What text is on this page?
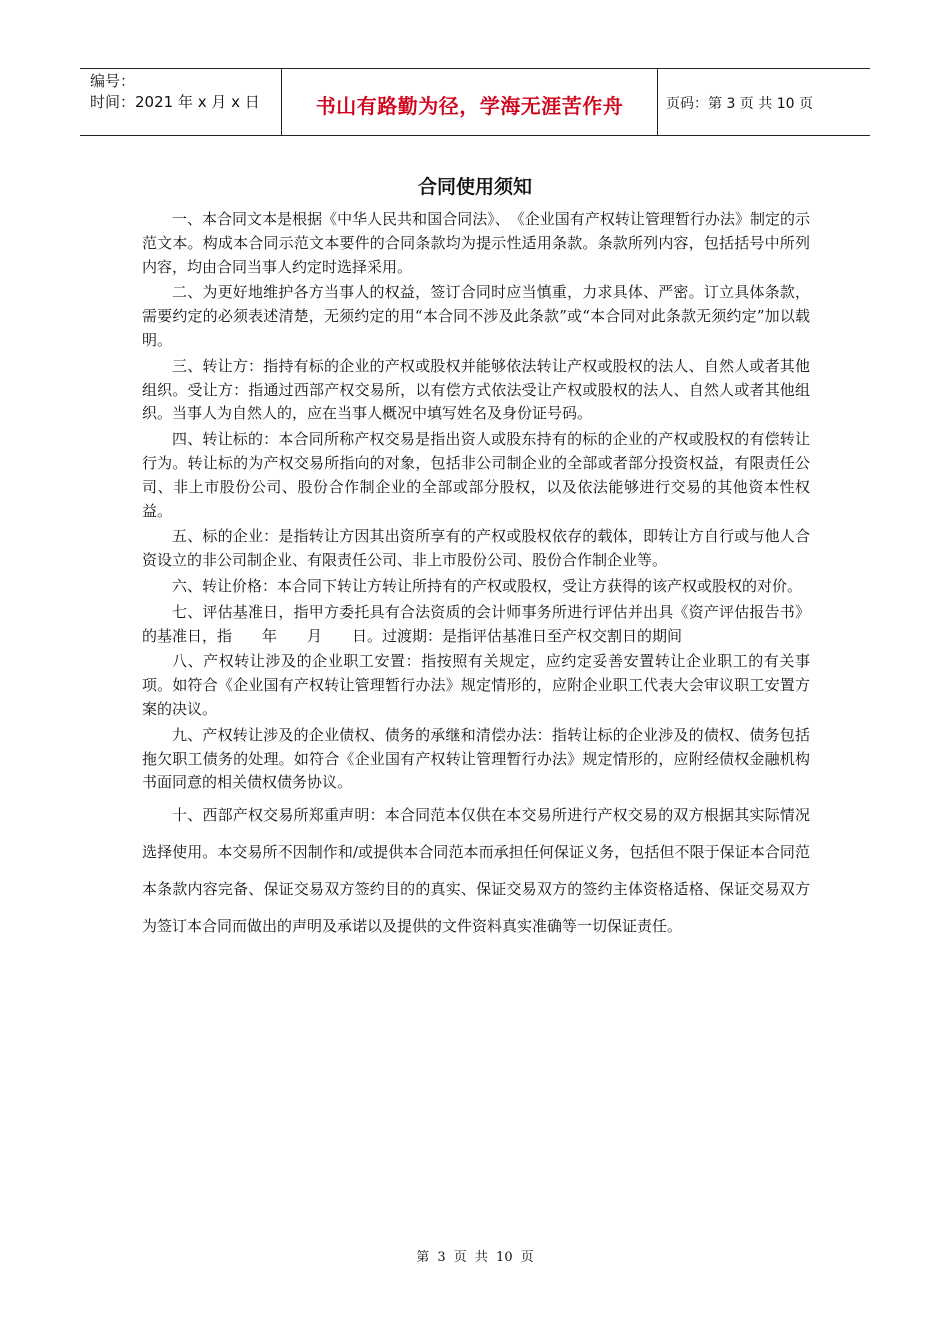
编号：
时间：2021 年 x 月 x 日	书山有路勤为径，学海无涯苦作舟	页码：第 3 页 共 10 页
合同使用须知

一、本合同文本是根据《中华人民共和国合同法》、　《企业国有产权转让管理暂行办法》制定的示范文本。构成本合同示范文本要件的合同条款均为提示性适用条款。条款所列内容，包括括号中所列内容，均由合同当事人约定时选择采用。

二、为更好地维护各方当事人的权益，签订合同时应当慎重，力求具体、严密。订立具体条款，需要约定的必须表述清楚，无须约定的用“本合同不涉及此条款”或“本合同对此条款无须约定”加以载明。

三、转让方：指持有标的企业的产权或股权并能够依法转让产权或股权的法人、自然人或者其他组织。受让方：指通过西部产权交易所，以有偿方式依法受让产权或股权的法人、自然人或者其他组织。当事人为自然人的，应在当事人概况中填写姓名及身份证号码。

四、转让标的：本合同所称产权交易是指出资人或股东持有的标的企业的产权或股权的有偿转让行为。转让标的为产权交易所指向的对象，包括非公司制企业的全部或者部分投资权益，有限责任公司、非上市股份公司、股份合作制企业的全部或部分股权，以及依法能够进行交易的其他资本性权益。

五、标的企业：是指转让方因其出资所享有的产权或股权依存的载体，即转让方自行或与他人合资设立的非公司制企业、有限责任公司、非上市股份公司、股份合作制企业等。

六、转让价格：本合同下转让方转让所持有的产权或股权，受让方获得的该产权或股权的对价。

七、评估基准日，指甲方委托具有合法资质的会计师事务所进行评估并出具《资产评估报告书》的基准日，指　　年　　月　　日。过渡期：是指评估基准日至产权交割日的期间

八、产权转让涉及的企业职工安置：指按照有关规定，应约定妥善安置转让企业职工的有关事项。如符合《企业国有产权转让管理暂行办法》规定情形的，应附企业职工代表大会审议职工安置方案的决议。

九、产权转让涉及的企业债权、债务的承继和清偿办法：指转让标的企业涉及的债权、债务包括拖欠职工债务的处理。如符合《企业国有产权转让管理暂行办法》规定情形的，应附经债权金融机构书面同意的相关债权债务协议。

十、西部产权交易所郑重声明：本合同范本仅供在本交易所进行产权交易的双方根据其实际情况选择使用。本交易所不因制作和/或提供本合同范本而承担任何保证义务，包括但不限于保证本合同范本条款内容完备、保证交易双方签约目的的真实、保证交易双方的签约主体资格适格、保证交易双方为签订本合同而做出的声明及承诺以及提供的文件资料真实准确等一切保证责任。

第 3 页 共 10 页
